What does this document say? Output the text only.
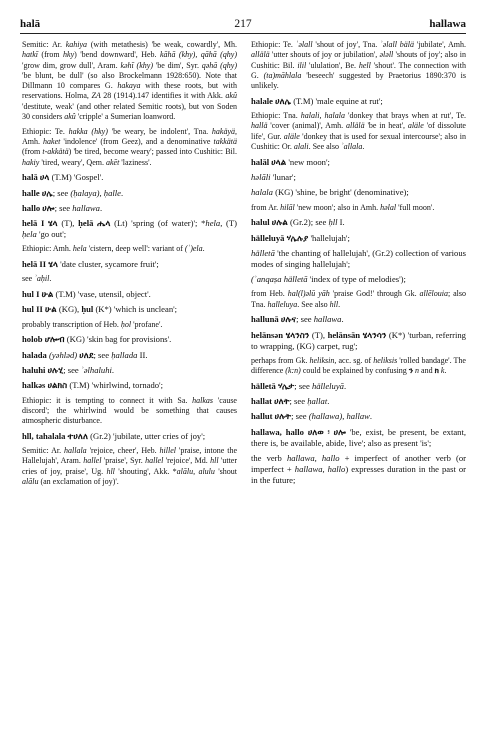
halā	217	hallawa

Semitic: Ar. kahiya (with metathesis) 'be weak, cowardly', Mh. hatkī (from hky) 'bend downward', Heb. kāhā (khy), qāhā (qhy) 'grow dim, grow dull', Aram. kəhī (khy) 'be dim', Syr. qəhā (qhy) 'be blunt, be dull' (so also Brockelmann 1928:650). Note that Dillmann 10 compares G. hakaya with these roots, but with reservations. Holma, ZA 28 (1914).147 identifies it with Akk. akû 'destitute, weak' (and other related Semitic roots), but von Soden 30 considers akû 'cripple' a Sumerian loanword.

Ethiopic: Te. hakka (hky) 'be weary, be indolent', Tna. hakäyä, Amh. haket 'indolence' (from Geez), and a denominative takkätä (from t-akkätä) 'be tired, become weary'; passed into Cushitic: Bil. hakiy 'tired, weary', Qem. akēt 'laziness'.

halā ሀላ (T.M) 'Gospel'.

halle ሀሌ; see (ḥalaya), ḥalle.

hallo ሀሎ; see hallawa.

helā I ሄላ (T), ḥelā ሔላ (Lt) 'spring (of water)'; *hela, (T) ḥela 'go out';

Ethiopic: Amh. hela 'cistern, deep well': variant of (ʾ)ela.

helā II ሄላ 'date cluster, sycamore fruit';

see ʾaḥil.

hul I ሁል (T.M) 'vase, utensil, object'.

hul II ሁል (KG), ḥul (K*) 'which is unclean';

probably transcription of Heb. ḥol 'profane'.

holob ሆሎብ (KG) 'skin bag for provisions'.

halada (yəhləd) ሀለደ; see ḥallada II.

haluhi ሀሉሂ; see ʾəlhaluhi.

halkəs ሀልክስ (T.M) 'whirlwind, tornado';

Ethiopic: it is tempting to connect it with Sa. halkas 'cause discord'; the whirlwind would be something that causes atmospheric disturbance.

hll, tahalala ተሀለለ (Gr.2) 'jubilate, utter cries of joy';

Semitic: Ar. hallala 'rejoice, cheer', Heb. hillel 'praise, intone the Hallelujah', Aram. hallel 'praise', Syr. hallel 'rejoice', Md. hll 'utter cries of joy, praise', Ug. hll 'shouting', Akk. *alālu, alulu 'shout alālu (an exclamation of joy)'.

Ethiopic: Te. ʾəlall 'shout of joy', Tna. ʾəlall bälä 'jubilate', Amh. allälä 'utter shouts of joy or jubilation', ələll 'shouts of joy'; also in Cushitic: Bil. ilil 'ululation', Be. hell 'shout'. The connection with G. (ta)māhlala 'beseech' suggested by Praetorius 1890:370 is unlikely.

halale ሀለሌ (T.M) 'male equine at rut';

Ethiopic: Tna. halali, halala 'donkey that brays when at rut', Te. hallä 'cover (animal)', Amh. allälä 'be in heat', aläle 'of dissolute life', Gur. aläle 'donkey that is used for sexual intercourse'; also in Cushitic: Or. alali. See also ʾallala.

halāl ሀላል 'new moon';

həlāli 'lunar';

halala (KG) 'shine, be bright' (denominative);

from Ar. hilāl 'new moon'; also in Amh. həlal 'full moon'.

halul ሀሉል (Gr.2); see ḥll I.

hälleluyā ሃሌሉያ 'hallelujah';

hälletā 'the chanting of hallelujah', (Gr.2) collection of various modes of singing hallelujah';

(ʾanqaṣa hälletā 'index of type of melodies');

from Heb. hal(l)əlū yāh 'praise God!' through Gk. allēlouia; also Tna. halleluya. See also hll.

hallunā ሀሉና; see hallawa.

helānsən ሄላንስን (T), helānsān ሄላንሳን (K*) 'turban, referring to wrapping, (KG) carpet, rug';

perhaps from Gk. heliksin, acc. sg. of heliksis 'rolled bandage'. The difference (k:n) could be explained by confusing ን n and ክ k.

hälletā ሃሌታ; see hälleluyā.

hallat ሀለት; see ḥallat.

hallut ሀሉት; see (hallawa), hallaw.

hallawa, hallo ሀለወ ፡ ሀሎ 'be, exist, be present, be extant, there is, be available, abide, live'; also as present 'is';

the verb hallawa, hallo + imperfect of another verb (or imperfect + hallawa, hallo) expresses duration in the past or in the future;
